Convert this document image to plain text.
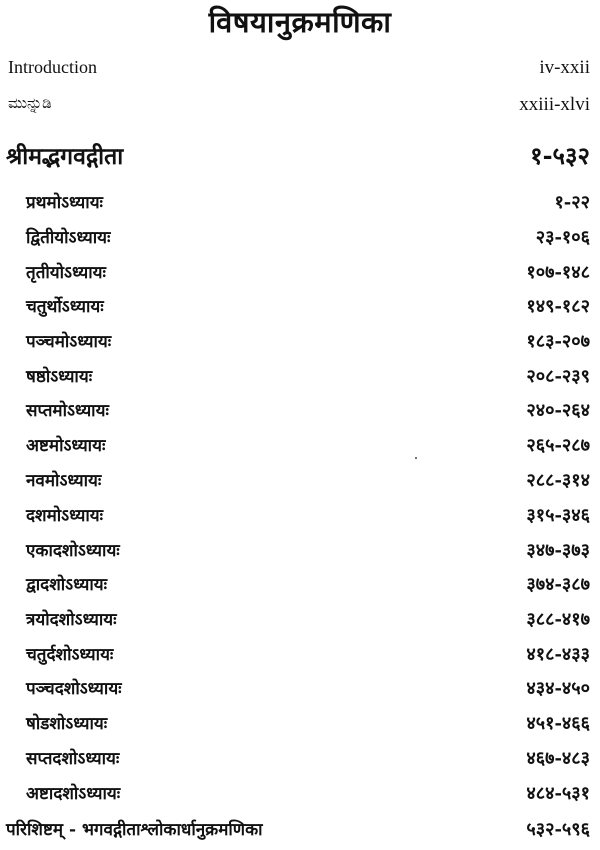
विषयानुक्रमणिका
Introduction	iv-xxii
ಮುನ್ನುಡಿ	xxiii-xlvi
श्रीमद्भगवद्गीता	१-५३२
प्रथमोऽध्यायः	१-२२
द्वितीयोऽध्यायः	२३-१०६
तृतीयोऽध्यायः	१०७-१४८
चतुर्थोऽध्यायः	१४९-१८२
पञ्चमोऽध्यायः	१८३-२०७
षष्ठोऽध्यायः	२०८-२३९
सप्तमोऽध्यायः	२४०-२६४
अष्टमोऽध्यायः	२६५-२८७
नवमोऽध्यायः	२८८-३१४
दशमोऽध्यायः	३१५-३४६
एकादशोऽध्यायः	३४७-३७३
द्वादशोऽध्यायः	३७४-३८७
त्रयोदशोऽध्यायः	३८८-४१७
चतुर्दशोऽध्यायः	४१८-४३३
पञ्चदशोऽध्यायः	४३४-४५०
षोडशोऽध्यायः	४५१-४६६
सप्तदशोऽध्यायः	४६७-४८३
अष्टादशोऽध्यायः	४८४-५३१
परिशिष्टम् - भगवद्गीताश्लोकार्धानुक्रमणिका	५३२-५९६
